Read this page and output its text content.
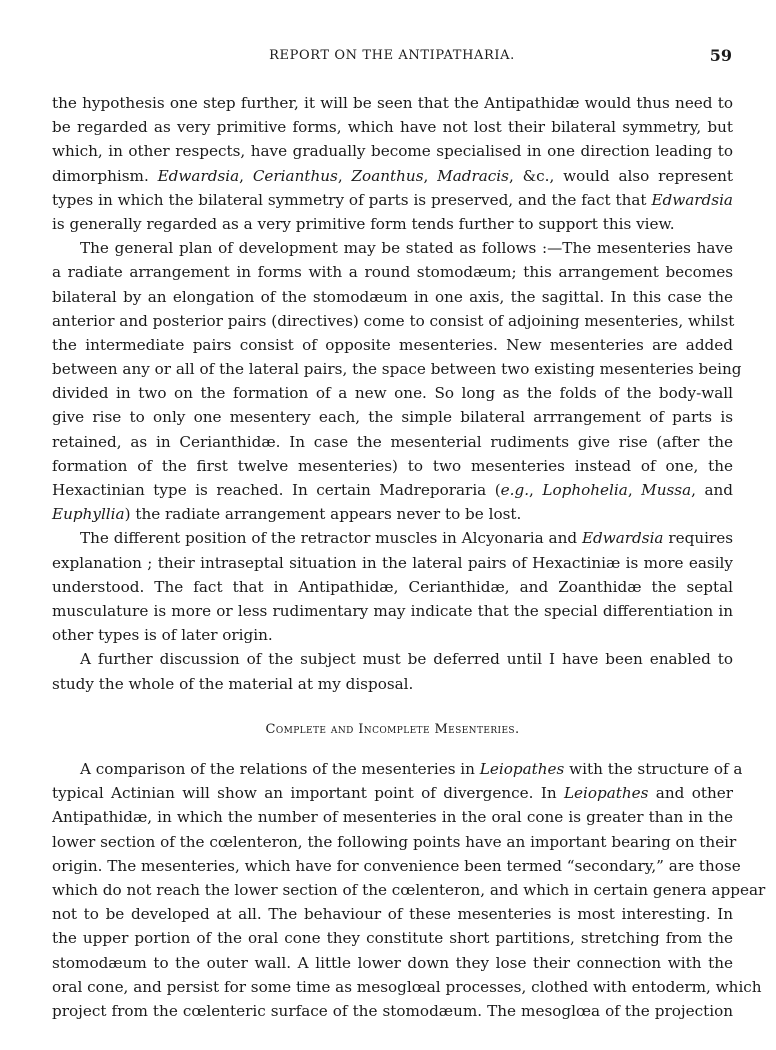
REPORT ON THE ANTIPATHARIA.	59
the hypothesis one step further, it will be seen that the Antipathidæ would thus need to
be regarded as very primitive forms, which have not lost their bilateral symmetry, but
which, in other respects, have gradually become specialised in one direction leading to
dimorphism. Edwardsia, Cerianthus, Zoanthus, Madracis, &c., would also represent
types in which the bilateral symmetry of parts is preserved, and the fact that Edwardsia
is generally regarded as a very primitive form tends further to support this view.
The general plan of development may be stated as follows :—The mesenteries have
a radiate arrangement in forms with a round stomodæum; this arrangement becomes
bilateral by an elongation of the stomodæum in one axis, the sagittal. In this case the
anterior and posterior pairs (directives) come to consist of adjoining mesenteries, whilst
the intermediate pairs consist of opposite mesenteries. New mesenteries are added
between any or all of the lateral pairs, the space between two existing mesenteries being
divided in two on the formation of a new one. So long as the folds of the body-wall
give rise to only one mesentery each, the simple bilateral arrrangement of parts is
retained, as in Cerianthidæ. In case the mesenterial rudiments give rise (after the
formation of the first twelve mesenteries) to two mesenteries instead of one, the
Hexactinian type is reached. In certain Madreporaria (e.g., Lophohelia, Mussa, and
Euphyllia) the radiate arrangement appears never to be lost.
The different position of the retractor muscles in Alcyonaria and Edwardsia requires
explanation ; their intraseptal situation in the lateral pairs of Hexactiniæ is more easily
understood. The fact that in Antipathidæ, Cerianthidæ, and Zoanthidæ the septal
musculature is more or less rudimentary may indicate that the special differentiation in
other types is of later origin.
A further discussion of the subject must be deferred until I have been enabled to
study the whole of the material at my disposal.
Complete and Incomplete Mesenteries.
A comparison of the relations of the mesenteries in Leiopathes with the structure of a
typical Actinian will show an important point of divergence. In Leiopathes and other
Antipathidæ, in which the number of mesenteries in the oral cone is greater than in the
lower section of the cœlenteron, the following points have an important bearing on their
origin. The mesenteries, which have for convenience been termed “secondary,” are those
which do not reach the lower section of the cœlenteron, and which in certain genera appear
not to be developed at all. The behaviour of these mesenteries is most interesting. In
the upper portion of the oral cone they constitute short partitions, stretching from the
stomodæum to the outer wall. A little lower down they lose their connection with the
oral cone, and persist for some time as mesoglœal processes, clothed with entoderm, which
project from the cœlenteric surface of the stomodæum. The mesoglœa of the projection
